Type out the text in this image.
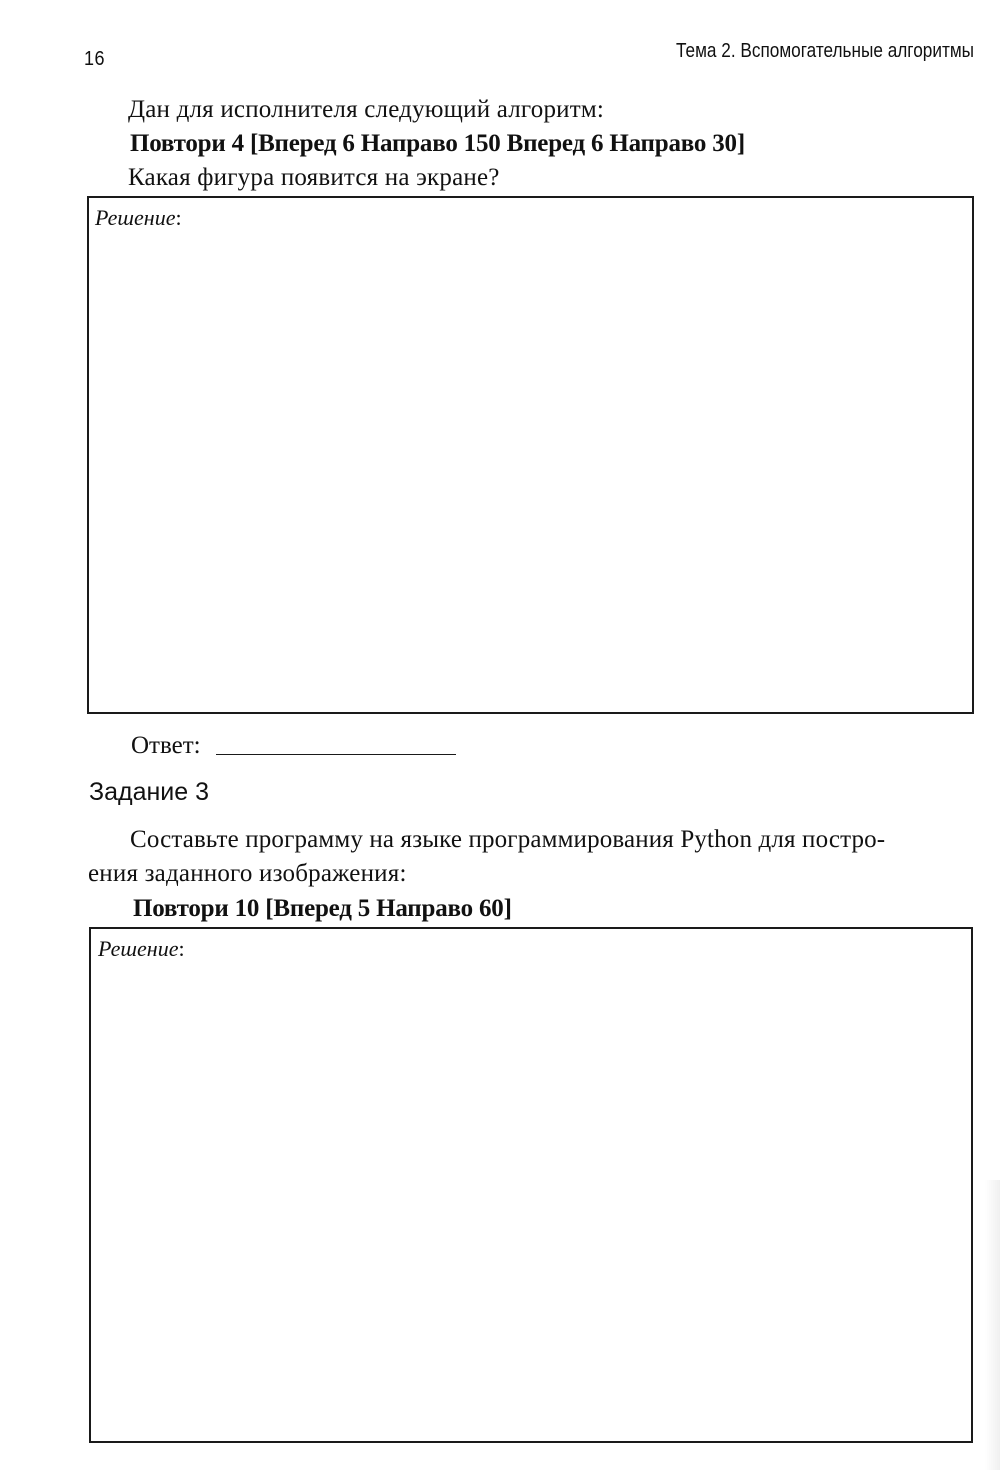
16	Тема 2. Вспомогательные алгоритмы
Дан для исполнителя следующий алгоритм:
Повтори 4 [Вперед 6 Направо 150 Вперед 6 Направо 30]
Какая фигура появится на экране?
Решение:
Ответ:
Задание 3
Составьте программу на языке программирования Python для постро-
ения заданного изображения:
Повтори 10 [Вперед 5 Направо 60]
Решение:
